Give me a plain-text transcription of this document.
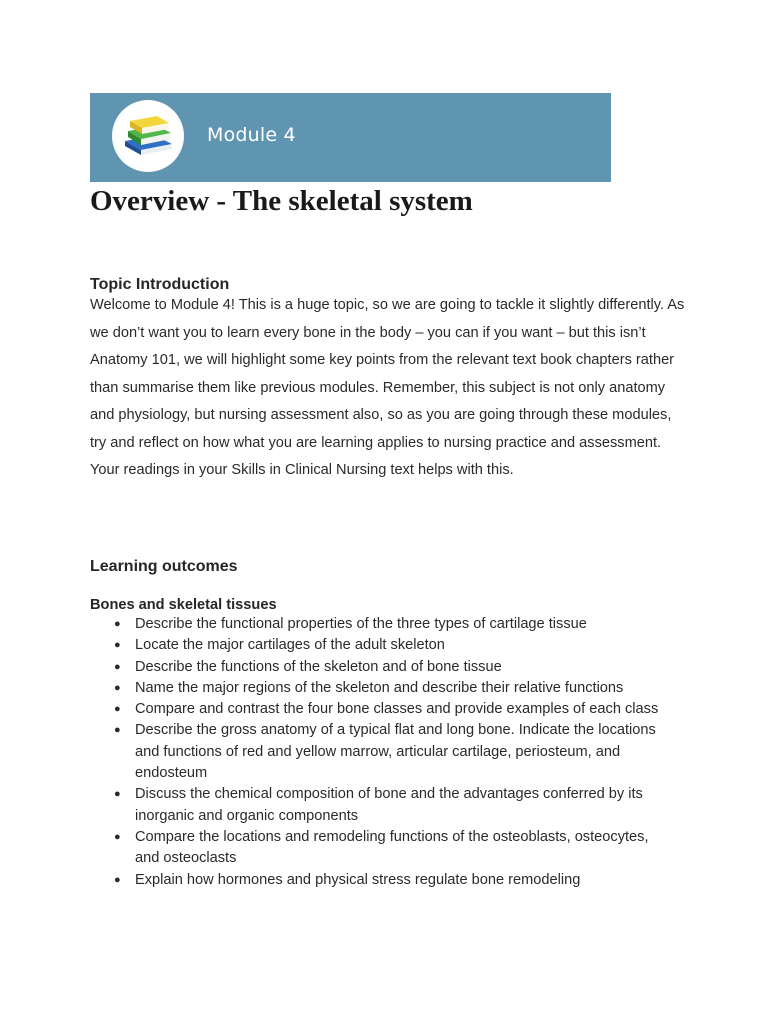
Module 4
Overview - The skeletal system
Topic Introduction

Welcome to Module 4! This is a huge topic, so we are going to tackle it slightly differently. As we don’t want you to learn every bone in the body – you can if you want – but this isn’t Anatomy 101, we will highlight some key points from the relevant text book chapters rather than summarise them like previous modules. Remember, this subject is not only anatomy and physiology, but nursing assessment also, so as you are going through these modules, try and reflect on how what you are learning applies to nursing practice and assessment. Your readings in your Skills in Clinical Nursing text helps with this.

Learning outcomes
Bones and skeletal tissues
● Describe the functional properties of the three types of cartilage tissue
● Locate the major cartilages of the adult skeleton
● Describe the functions of the skeleton and of bone tissue
● Name the major regions of the skeleton and describe their relative functions
● Compare and contrast the four bone classes and provide examples of each class
● Describe the gross anatomy of a typical flat and long bone. Indicate the locations and functions of red and yellow marrow, articular cartilage, periosteum, and endosteum
● Discuss the chemical composition of bone and the advantages conferred by its inorganic and organic components
● Compare the locations and remodeling functions of the osteoblasts, osteocytes, and osteoclasts
● Explain how hormones and physical stress regulate bone remodeling
